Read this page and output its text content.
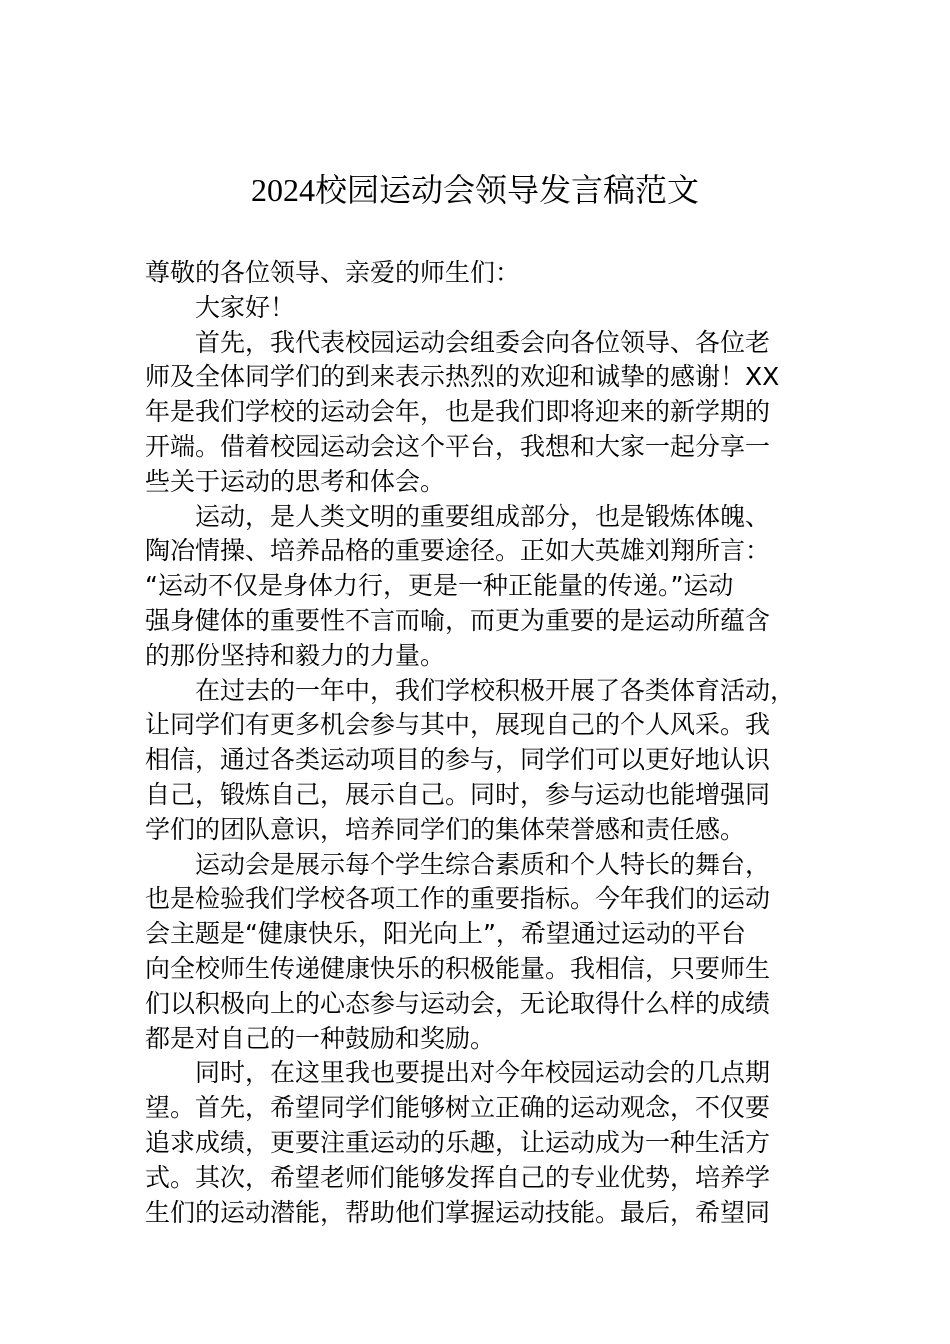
2024校园运动会领导发言稿范文
尊敬的各位领导、亲爱的师生们：
大家好！
首先，我代表校园运动会组委会向各位领导、各位老
师及全体同学们的到来表示热烈的欢迎和诚挚的感谢！XX
年是我们学校的运动会年，也是我们即将迎来的新学期的
开端。借着校园运动会这个平台，我想和大家一起分享一
些关于运动的思考和体会。
运动，是人类文明的重要组成部分，也是锻炼体魄、
陶冶情操、培养品格的重要途径。正如大英雄刘翔所言：
“运动不仅是身体力行，更是一种正能量的传递。”运动
强身健体的重要性不言而喻，而更为重要的是运动所蕴含
的那份坚持和毅力的力量。
在过去的一年中，我们学校积极开展了各类体育活动，
让同学们有更多机会参与其中，展现自己的个人风采。我
相信，通过各类运动项目的参与，同学们可以更好地认识
自己，锻炼自己，展示自己。同时，参与运动也能增强同
学们的团队意识，培养同学们的集体荣誉感和责任感。
运动会是展示每个学生综合素质和个人特长的舞台，
也是检验我们学校各项工作的重要指标。今年我们的运动
会主题是“健康快乐，阳光向上”，希望通过运动的平台
向全校师生传递健康快乐的积极能量。我相信，只要师生
们以积极向上的心态参与运动会，无论取得什么样的成绩
都是对自己的一种鼓励和奖励。
同时，在这里我也要提出对今年校园运动会的几点期
望。首先，希望同学们能够树立正确的运动观念，不仅要
追求成绩，更要注重运动的乐趣，让运动成为一种生活方
式。其次，希望老师们能够发挥自己的专业优势，培养学
生们的运动潜能，帮助他们掌握运动技能。最后，希望同
